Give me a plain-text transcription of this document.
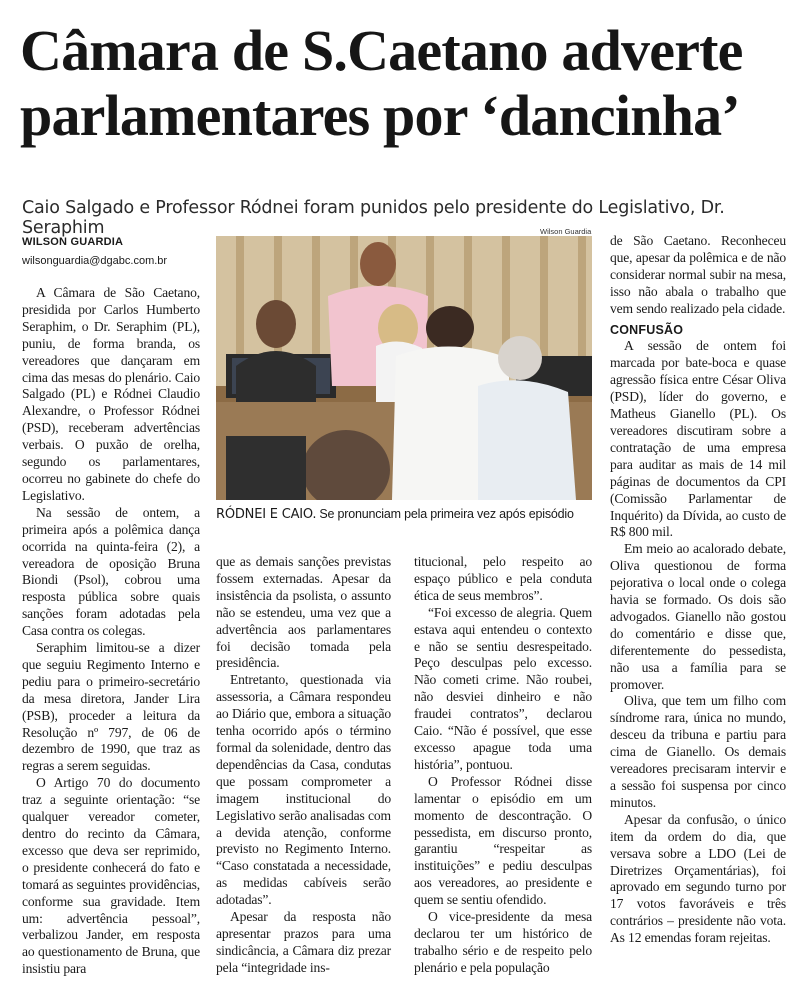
Câmara de S.Caetano adverte
parlamentares por ‘dancinha’
Caio Salgado e Professor Ródnei foram punidos pelo presidente do Legislativo, Dr. Seraphim
WILSON GUARDIA
wilsonguardia@dgabc.com.br
Wilson Guardia
RÓDNEI E CAIO. Se pronunciam pela primeira vez após episódio

A Câmara de São Caetano, presidida por Carlos Humberto Seraphim, o Dr. Seraphim (PL), puniu, de forma branda, os vereadores que dançaram em cima das mesas do plenário. Caio Salgado (PL) e Ródnei Claudio Alexandre, o Professor Ródnei (PSD), receberam advertências verbais. O puxão de orelha, segundo os parlamentares, ocorreu no gabinete do chefe do Legislativo.

Na sessão de ontem, a primeira após a polêmica dança ocorrida na quinta-feira (2), a vereadora de oposição Bruna Biondi (Psol), cobrou uma resposta pública sobre quais sanções foram adotadas pela Casa contra os colegas.

Seraphim limitou-se a dizer que seguiu Regimento Interno e pediu para o primeiro-secretário da mesa diretora, Jander Lira (PSB), proceder a leitura da Resolução nº 797, de 06 de dezembro de 1990, que traz as regras a serem seguidas.

O Artigo 70 do documento traz a seguinte orientação: “se qualquer vereador cometer, dentro do recinto da Câmara, excesso que deva ser reprimido, o presidente conhecerá do fato e tomará as seguintes providências, conforme sua gravidade. Item um: advertência pessoal”, verbalizou Jander, em resposta ao questionamento de Bruna, que insistiu para

que as demais sanções previstas fossem externadas. Apesar da insistência da psolista, o assunto não se estendeu, uma vez que a advertência aos parlamentares foi decisão tomada pela presidência.

Entretanto, questionada via assessoria, a Câmara respondeu ao Diário que, embora a situação tenha ocorrido após o término formal da solenidade, dentro das dependências da Casa, condutas que possam comprometer a imagem institucional do Legislativo serão analisadas com a devida atenção, conforme previsto no Regimento Interno. “Caso constatada a necessidade, as medidas cabíveis serão adotadas”.

Apesar da resposta não apresentar prazos para uma sindicância, a Câmara diz prezar pela “integridade ins-

titucional, pelo respeito ao espaço público e pela conduta ética de seus membros”.

“Foi excesso de alegria. Quem estava aqui entendeu o contexto e não se sentiu desrespeitado. Peço desculpas pelo excesso. Não cometi crime. Não roubei, não desviei dinheiro e não fraudei contratos”, declarou Caio. “Não é possível, que esse excesso apague toda uma história”, pontuou.

O Professor Ródnei disse lamentar o episódio em um momento de descontração. O pessedista, em discurso pronto, garantiu “respeitar as instituições” e pediu desculpas aos vereadores, ao presidente e quem se sentiu ofendido.

O vice-presidente da mesa declarou ter um histórico de trabalho sério e de respeito pelo plenário e pela população

de São Caetano. Reconheceu que, apesar da polêmica e de não considerar normal subir na mesa, isso não abala o trabalho que vem sendo realizado pela cidade.

CONFUSÃO

A sessão de ontem foi marcada por bate-boca e quase agressão física entre César Oliva (PSD), líder do governo, e Matheus Gianello (PL). Os vereadores discutiram sobre a contratação de uma empresa para auditar as mais de 14 mil páginas de documentos da CPI (Comissão Parlamentar de Inquérito) da Dívida, ao custo de R$ 800 mil.

Em meio ao acalorado debate, Oliva questionou de forma pejorativa o local onde o colega havia se formado. Os dois são advogados. Gianello não gostou do comentário e disse que, diferentemente do pessedista, não usa a família para se promover.

Oliva, que tem um filho com síndrome rara, única no mundo, desceu da tribuna e partiu para cima de Gianello. Os demais vereadores precisaram intervir e a sessão foi suspensa por cinco minutos.

Apesar da confusão, o único item da ordem do dia, que versava sobre a LDO (Lei de Diretrizes Orçamentárias), foi aprovado em segundo turno por 17 votos favoráveis e três contrários – presidente não vota. As 12 emendas foram rejeitas.
